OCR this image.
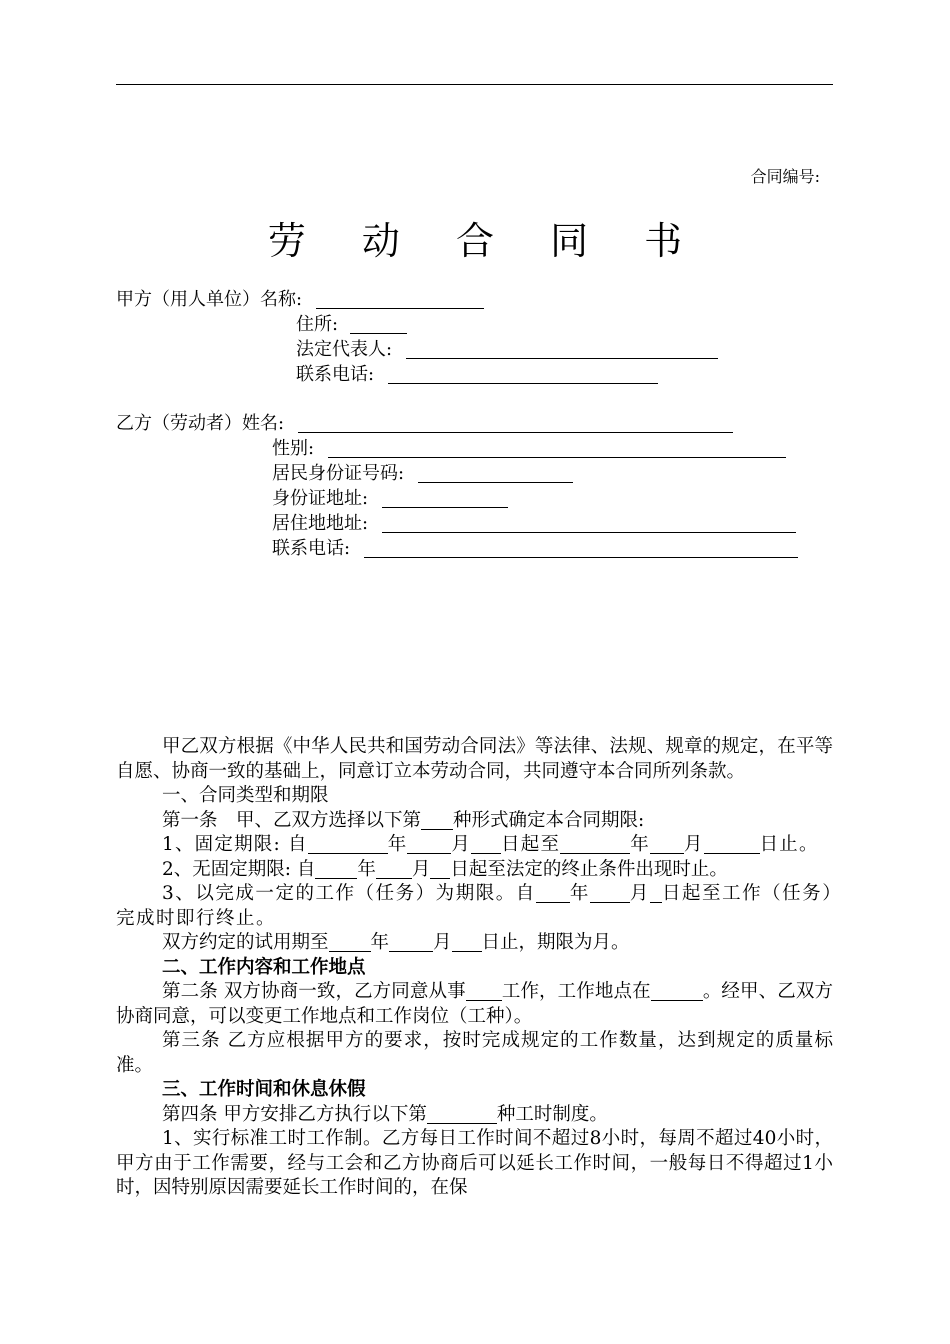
合同编号:
劳 动 合 同 书
甲方（用人单位）名称:
住所:
法定代表人:
联系电话:
乙方（劳动者）姓名:
性别:
居民身份证号码:
身份证地址:
居住地地址:
联系电话:

甲乙双方根据《中华人民共和国劳动合同法》等法律、法规、规章的规定，在平等自愿、协商一致的基础上，同意订立本劳动合同，共同遵守本合同所列条款。

一、合同类型和期限

第一条　甲、乙双方选择以下第 种形式确定本合同期限:

1、固定期限: 自	年 月 日起至	年 月	日止。

2、无固定期限: 自 年 月 日起至法定的终止条件出现时止。

3、以完成一定的工作（任务）为期限。自 年 月 日起至工作（任务）完成时即行终止。

双方约定的试用期至 年 月 日止，期限为月。

二、工作内容和工作地点

第二条 双方协商一致，乙方同意从事 工作，工作地点在	。经甲、乙双方协商同意，可以变更工作地点和工作岗位（工种）。

第三条 乙方应根据甲方的要求，按时完成规定的工作数量，达到规定的质量标准。

三、工作时间和休息休假

第四条 甲方安排乙方执行以下第	种工时制度。

1、实行标准工时工作制。乙方每日工作时间不超过8小时，每周不超过40小时，甲方由于工作需要，经与工会和乙方协商后可以延长工作时间，一般每日不得超过1小时，因特别原因需要延长工作时间的，在保
